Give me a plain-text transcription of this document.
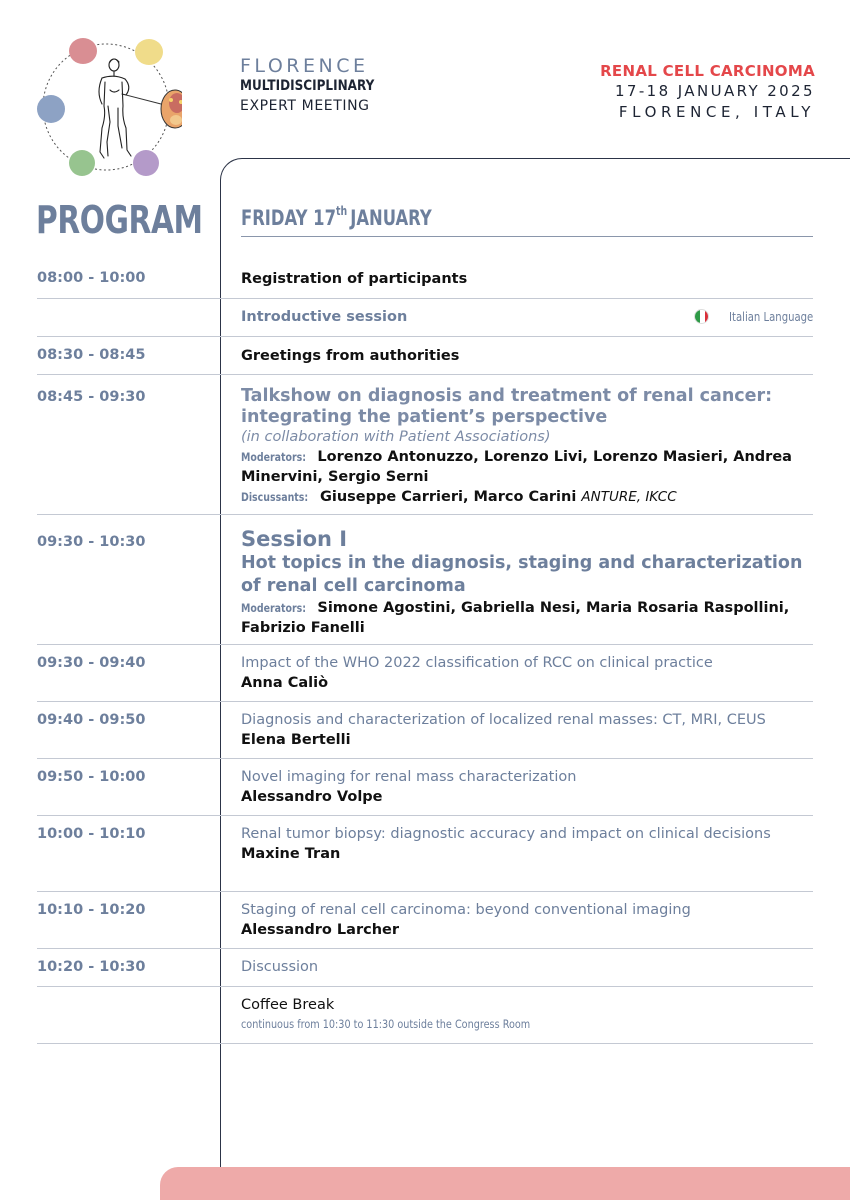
FLORENCE
MULTIDISCIPLINARY
EXPERT MEETING
RENAL CELL CARCINOMA
17-18 JANUARY 2025
FLORENCE, ITALY
PROGRAM FRIDAY 17th JANUARY
08:00 - 10:00	Registration of participants
Introductive session	Italian Language
08:30 - 08:45	Greetings from authorities
08:45 - 09:30	Talkshow on diagnosis and treatment of renal cancer: integrating the patient’s perspective
(in collaboration with Patient Associations)
Moderators: Lorenzo Antonuzzo, Lorenzo Livi, Lorenzo Masieri, Andrea Minervini, Sergio Serni
Discussants: Giuseppe Carrieri, Marco Carini ANTURE, IKCC
09:30 - 10:30	Session I
Hot topics in the diagnosis, staging and characterization of renal cell carcinoma
Moderators: Simone Agostini, Gabriella Nesi, Maria Rosaria Raspollini, Fabrizio Fanelli
09:30 - 09:40	Impact of the WHO 2022 classification of RCC on clinical practice
Anna Caliò
09:40 - 09:50	Diagnosis and characterization of localized renal masses: CT, MRI, CEUS
Elena Bertelli
09:50 - 10:00	Novel imaging for renal mass characterization
Alessandro Volpe
10:00 - 10:10	Renal tumor biopsy: diagnostic accuracy and impact on clinical decisions
Maxine Tran
10:10 - 10:20	Staging of renal cell carcinoma: beyond conventional imaging
Alessandro Larcher
10:20 - 10:30	Discussion
Coffee Break
continuous from 10:30 to 11:30 outside the Congress Room
